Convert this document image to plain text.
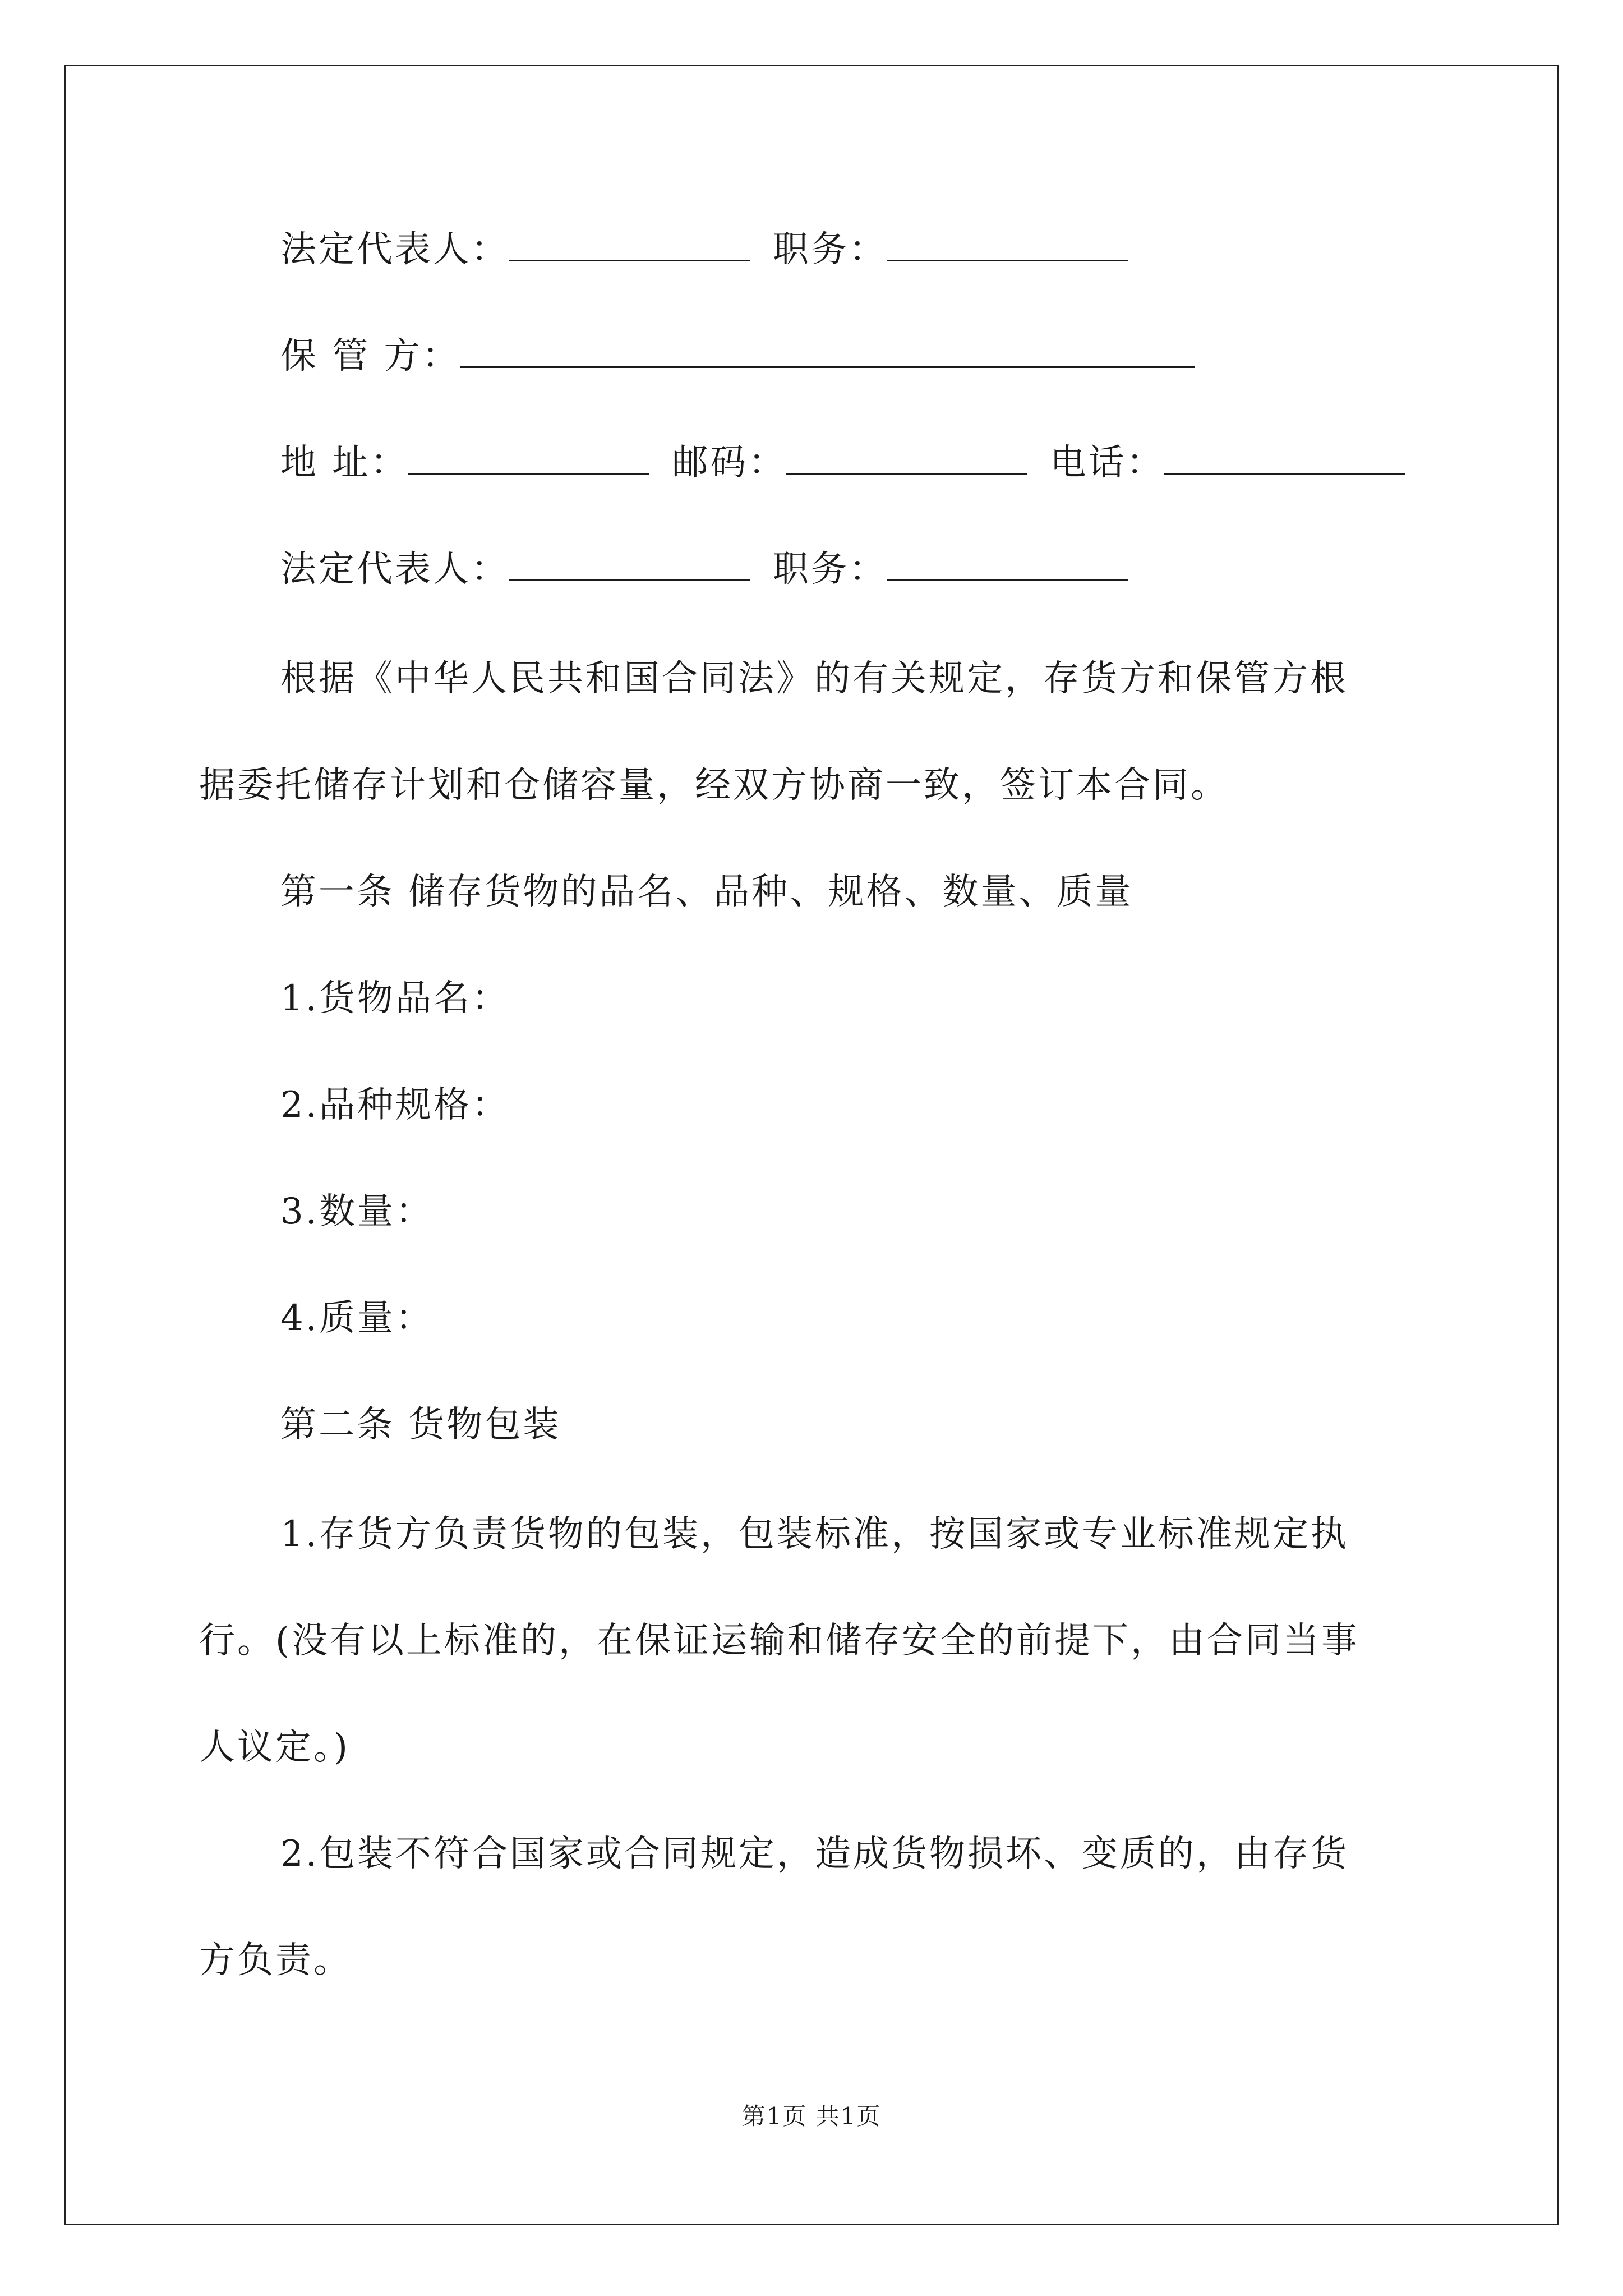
法定代表人：	职务：
保 管 方：
地 址：	邮码：	电话：
法定代表人：	职务：
根据《中华人民共和国合同法》的有关规定，存货方和保管方根
据委托储存计划和仓储容量，经双方协商一致，签订本合同。
第一条 储存货物的品名、品种、规格、数量、质量
1.货物品名：
2.品种规格：
3.数量：
4.质量：
第二条 货物包装
1.存货方负责货物的包装，包装标准，按国家或专业标准规定执
行。(没有以上标准的，在保证运输和储存安全的前提下，由合同当事
人议定。)
2.包装不符合国家或合同规定，造成货物损坏、变质的，由存货
方负责。
第1页 共1页
